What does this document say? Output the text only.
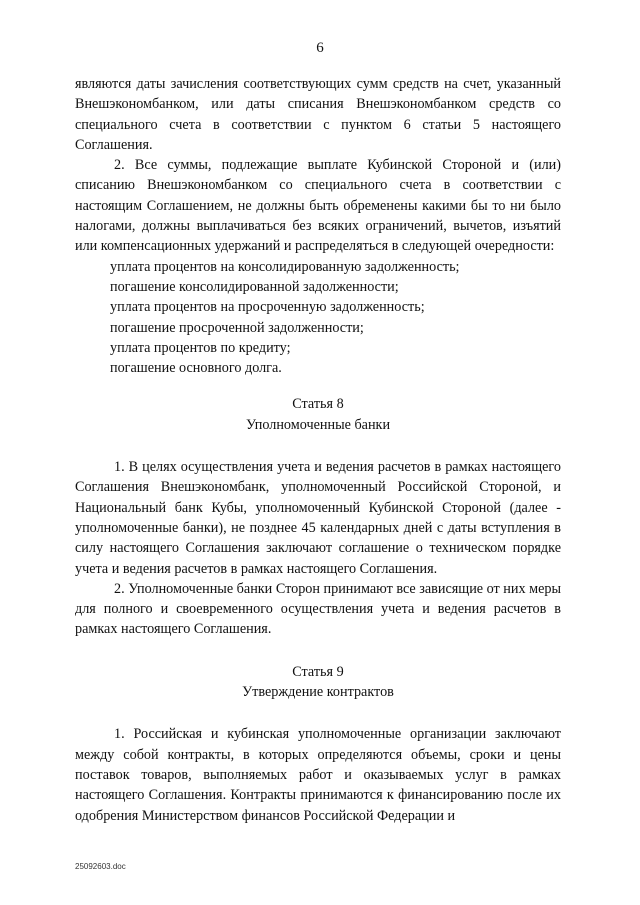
6

являются даты зачисления соответствующих сумм средств на счет, указанный Внешэкономбанком, или даты списания Внешэкономбанком средств со специального счета в соответствии с пунктом 6 статьи 5 настоящего Соглашения.

2. Все суммы, подлежащие выплате Кубинской Стороной и (или) списанию Внешэкономбанком со специального счета в соответствии с настоящим Соглашением, не должны быть обременены какими бы то ни было налогами, должны выплачиваться без всяких ограничений, вычетов, изъятий или компенсационных удержаний и распределяться в следующей очередности:

уплата процентов на консолидированную задолженность;

погашение консолидированной задолженности;

уплата процентов на просроченную задолженность;

погашение просроченной задолженности;

уплата процентов по кредиту;

погашение основного долга.

Статья 8

Уполномоченные банки

1. В целях осуществления учета и ведения расчетов в рамках настоящего Соглашения Внешэкономбанк, уполномоченный Российской Стороной, и Национальный банк Кубы, уполномоченный Кубинской Стороной (далее - уполномоченные банки), не позднее 45 календарных дней с даты вступления в силу настоящего Соглашения заключают соглашение о техническом порядке учета и ведения расчетов в рамках настоящего Соглашения.

2. Уполномоченные банки Сторон принимают все зависящие от них меры для полного и своевременного осуществления учета и ведения расчетов в рамках настоящего Соглашения.

Статья 9

Утверждение контрактов

1. Российская и кубинская уполномоченные организации заключают между собой контракты, в которых определяются объемы, сроки и цены поставок товаров, выполняемых работ и оказываемых услуг в рамках настоящего Соглашения. Контракты принимаются к финансированию после их одобрения Министерством финансов Российской Федерации и

25092603.doc
